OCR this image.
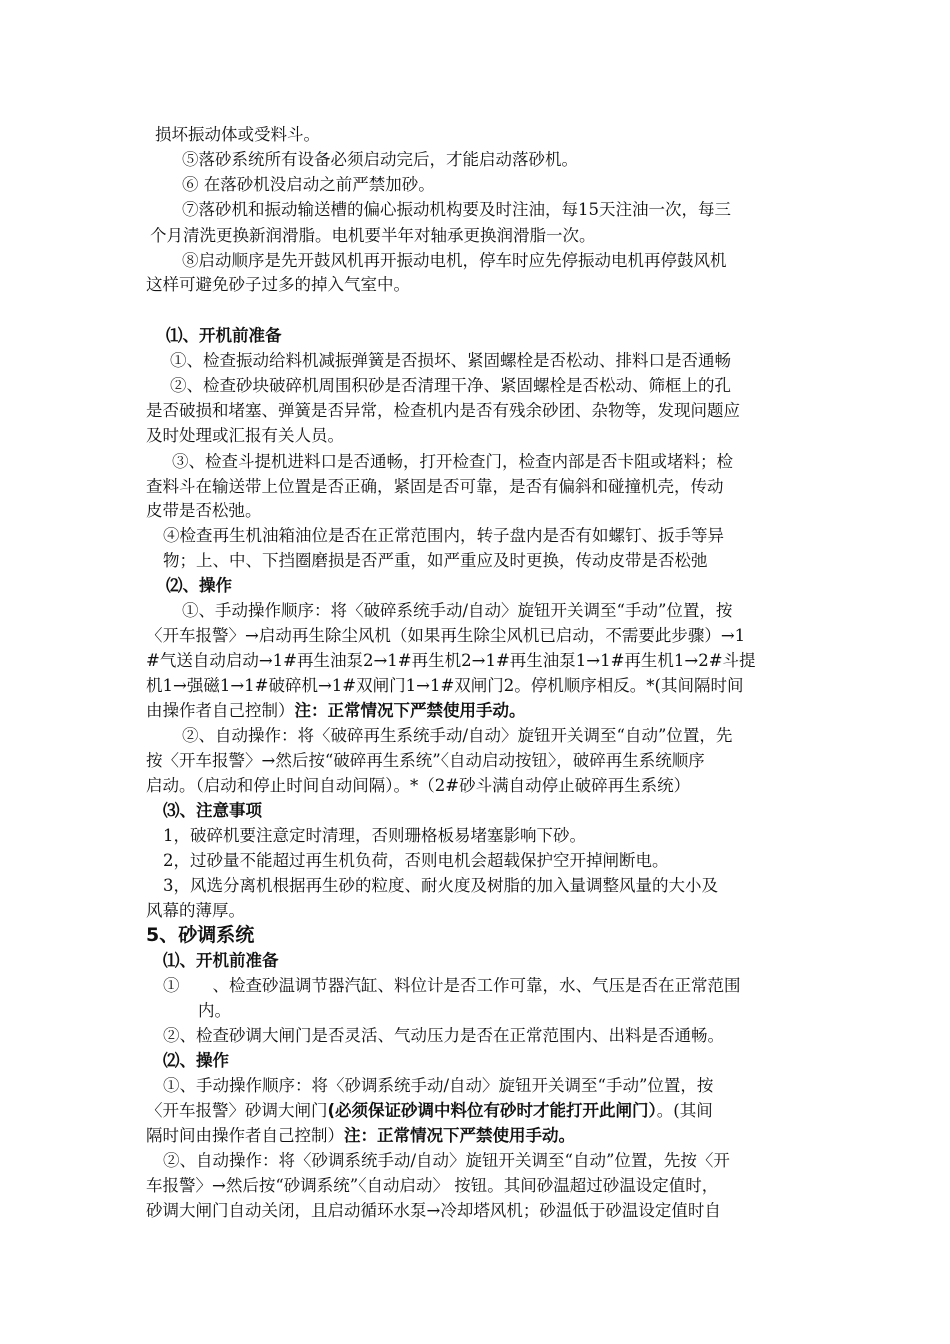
损坏振动体或受料斗。
⑤落砂系统所有设备必须启动完后，才能启动落砂机。
⑥ 在落砂机没启动之前严禁加砂。
⑦落砂机和振动输送槽的偏心振动机构要及时注油，每15天注油一次，每三
个月清洗更换新润滑脂。电机要半年对轴承更换润滑脂一次。
⑧启动顺序是先开鼓风机再开振动电机，停车时应先停振动电机再停鼓风机
这样可避免砂子过多的掉入气室中。
⑴、开机前准备
①、检查振动给料机减振弹簧是否损坏、紧固螺栓是否松动、排料口是否通畅
②、检查砂块破碎机周围积砂是否清理干净、紧固螺栓是否松动、筛框上的孔
是否破损和堵塞、弹簧是否异常，检查机内是否有残余砂团、杂物等，发现问题应
及时处理或汇报有关人员。
③、检查斗提机进料口是否通畅，打开检查门，检查内部是否卡阻或堵料；检
查料斗在输送带上位置是否正确，紧固是否可靠，是否有偏斜和碰撞机壳，传动
皮带是否松弛。
④检查再生机油箱油位是否在正常范围内，转子盘内是否有如螺钉、扳手等异
物；上、中、下挡圈磨损是否严重，如严重应及时更换，传动皮带是否松弛
⑵、操作
①、手动操作顺序：将〈破碎系统手动/自动〉旋钮开关调至“手动”位置，按
〈开车报警〉→启动再生除尘风机（如果再生除尘风机已启动，不需要此步骤）→1
#气送自动启动→1#再生油泵2→1#再生机2→1#再生油泵1→1#再生机1→2#斗提
机1→强磁1→1#破碎机→1#双闸门1→1#双闸门2。停机顺序相反。*(其间隔时间
由操作者自己控制）注：正常情况下严禁使用手动。
②、自动操作：将〈破碎再生系统手动/自动〉旋钮开关调至“自动”位置，先
按〈开车报警〉→然后按“破碎再生系统”〈自动启动按钮〉，破碎再生系统顺序
启动。（启动和停止时间自动间隔）。*（2#砂斗满自动停止破碎再生系统）
⑶、注意事项
1，破碎机要注意定时清理，否则珊格板易堵塞影响下砂。
2，过砂量不能超过再生机负荷，否则电机会超载保护空开掉闸断电。
3，风选分离机根据再生砂的粒度、耐火度及树脂的加入量调整风量的大小及
风幕的薄厚。
5、砂调系统
⑴、开机前准备
①　　、检查砂温调节器汽缸、料位计是否工作可靠，水、气压是否在正常范围
内。
②、检查砂调大闸门是否灵活、气动压力是否在正常范围内、出料是否通畅。
⑵、操作
①、手动操作顺序：将〈砂调系统手动/自动〉旋钮开关调至“手动”位置，按
〈开车报警〉砂调大闸门(必须保证砂调中料位有砂时才能打开此闸门）。(其间
隔时间由操作者自己控制）注：正常情况下严禁使用手动。
②、自动操作：将〈砂调系统手动/自动〉旋钮开关调至“自动”位置，先按〈开
车报警〉→然后按“砂调系统”〈自动启动〉 按钮。其间砂温超过砂温设定值时，
砂调大闸门自动关闭，且启动循环水泵→冷却塔风机；砂温低于砂温设定值时自
